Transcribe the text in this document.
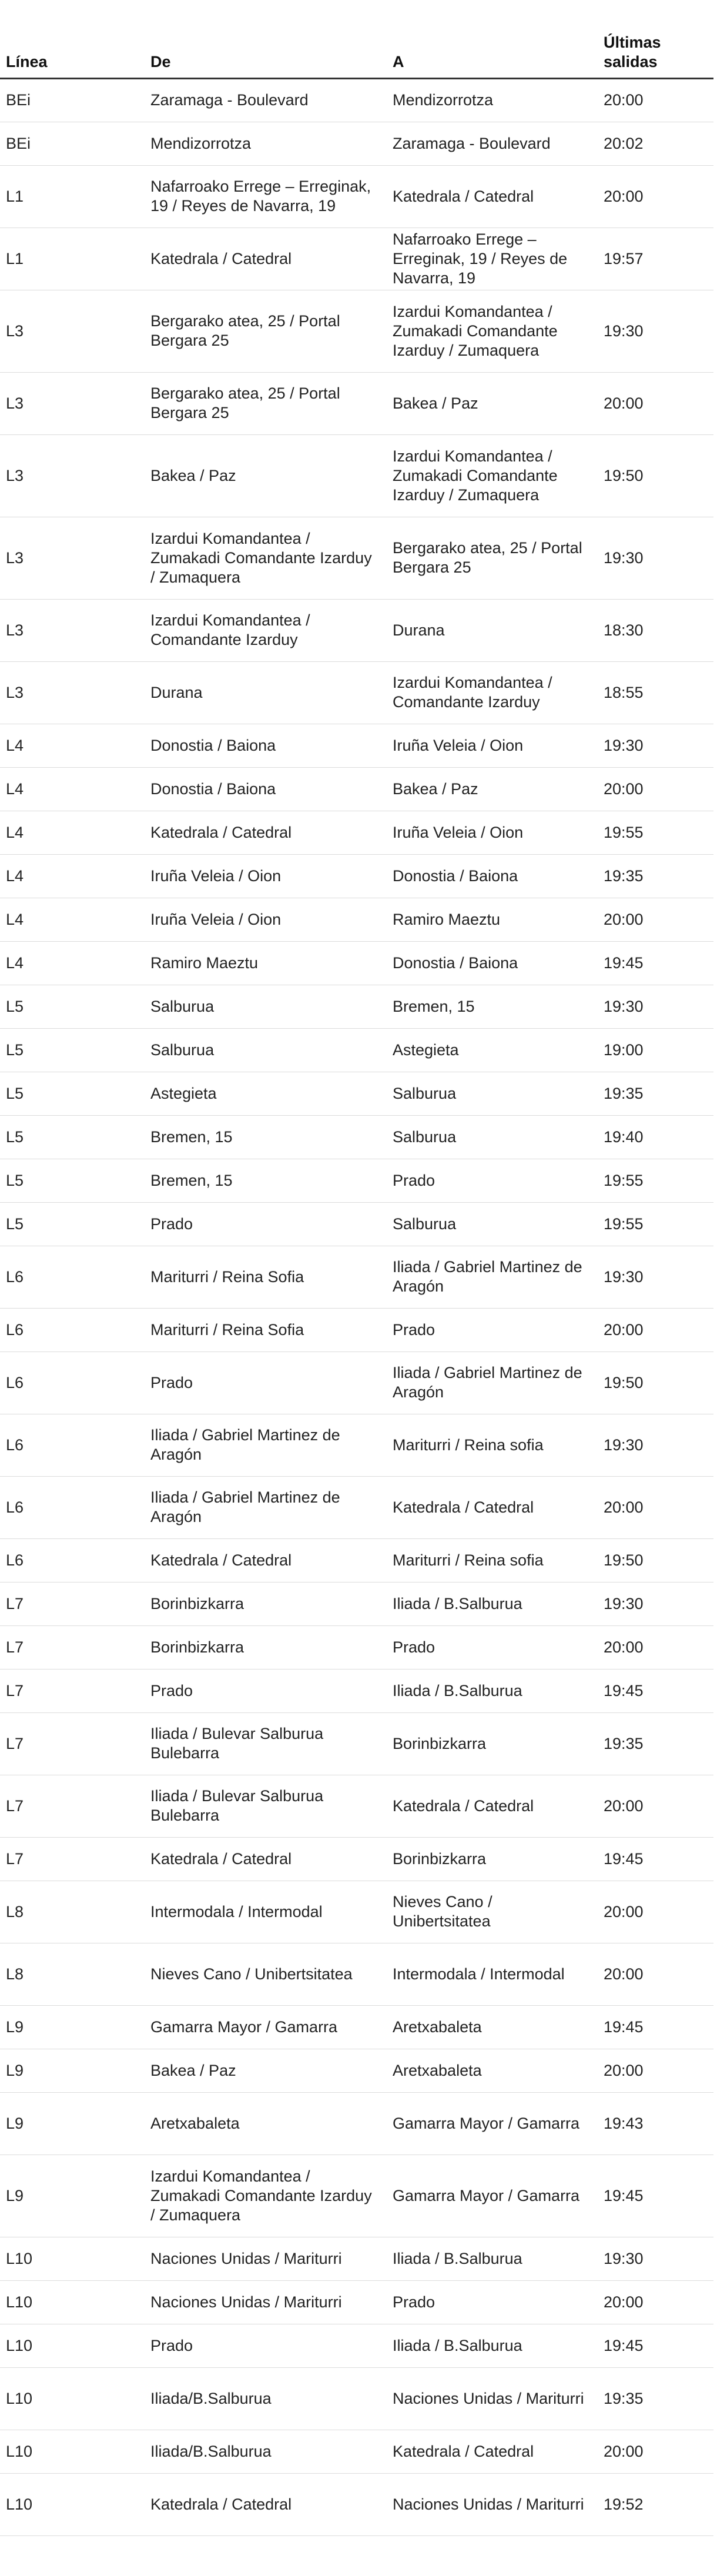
Línea	De	A	Últimas salidas
BEi	Zaramaga - Boulevard	Mendizorrotza	20:00
BEi	Mendizorrotza	Zaramaga - Boulevard	20:02
L1	Nafarroako Errege – Erreginak, 19 / Reyes de Navarra, 19	Katedrala / Catedral	20:00
L1	Katedrala / Catedral	Nafarroako Errege – Erreginak, 19 / Reyes de Navarra, 19	19:57
L3	Bergarako atea, 25 / Portal Bergara 25	Izardui Komandantea / Zumakadi Comandante Izarduy / Zumaquera	19:30
L3	Bergarako atea, 25 / Portal Bergara 25	Bakea / Paz	20:00
L3	Bakea / Paz	Izardui Komandantea / Zumakadi Comandante Izarduy / Zumaquera	19:50
L3	Izardui Komandantea / Zumakadi Comandante Izarduy / Zumaquera	Bergarako atea, 25 / Portal Bergara 25	19:30
L3	Izardui Komandantea / Comandante Izarduy	Durana	18:30
L3	Durana	Izardui Komandantea / Comandante Izarduy	18:55
L4	Donostia / Baiona	Iruña Veleia / Oion	19:30
L4	Donostia / Baiona	Bakea / Paz	20:00
L4	Katedrala / Catedral	Iruña Veleia / Oion	19:55
L4	Iruña Veleia / Oion	Donostia / Baiona	19:35
L4	Iruña Veleia / Oion	Ramiro Maeztu	20:00
L4	Ramiro Maeztu	Donostia / Baiona	19:45
L5	Salburua	Bremen, 15	19:30
L5	Salburua	Astegieta	19:00
L5	Astegieta	Salburua	19:35
L5	Bremen, 15	Salburua	19:40
L5	Bremen, 15	Prado	19:55
L5	Prado	Salburua	19:55
L6	Mariturri / Reina Sofia	Iliada / Gabriel Martinez de Aragón	19:30
L6	Mariturri / Reina Sofia	Prado	20:00
L6	Prado	Iliada / Gabriel Martinez de Aragón	19:50
L6	Iliada / Gabriel Martinez de Aragón	Mariturri / Reina sofia	19:30
L6	Iliada / Gabriel Martinez de Aragón	Katedrala / Catedral	20:00
L6	Katedrala / Catedral	Mariturri / Reina sofia	19:50
L7	Borinbizkarra	Iliada / B.Salburua	19:30
L7	Borinbizkarra	Prado	20:00
L7	Prado	Iliada / B.Salburua	19:45
L7	Iliada / Bulevar Salburua Bulebarra	Borinbizkarra	19:35
L7	Iliada / Bulevar Salburua Bulebarra	Katedrala / Catedral	20:00
L7	Katedrala / Catedral	Borinbizkarra	19:45
L8	Intermodala / Intermodal	Nieves Cano / Unibertsitatea	20:00
L8	Nieves Cano / Unibertsitatea	Intermodala / Intermodal	20:00
L9	Gamarra Mayor / Gamarra	Aretxabaleta	19:45
L9	Bakea / Paz	Aretxabaleta	20:00
L9	Aretxabaleta	Gamarra Mayor / Gamarra	19:43
L9	Izardui Komandantea / Zumakadi Comandante Izarduy / Zumaquera	Gamarra Mayor / Gamarra	19:45
L10	Naciones Unidas / Mariturri	Iliada / B.Salburua	19:30
L10	Naciones Unidas / Mariturri	Prado	20:00
L10	Prado	Iliada / B.Salburua	19:45
L10	Iliada/B.Salburua	Naciones Unidas / Mariturri	19:35
L10	Iliada/B.Salburua	Katedrala / Catedral	20:00
L10	Katedrala / Catedral	Naciones Unidas / Mariturri	19:52
